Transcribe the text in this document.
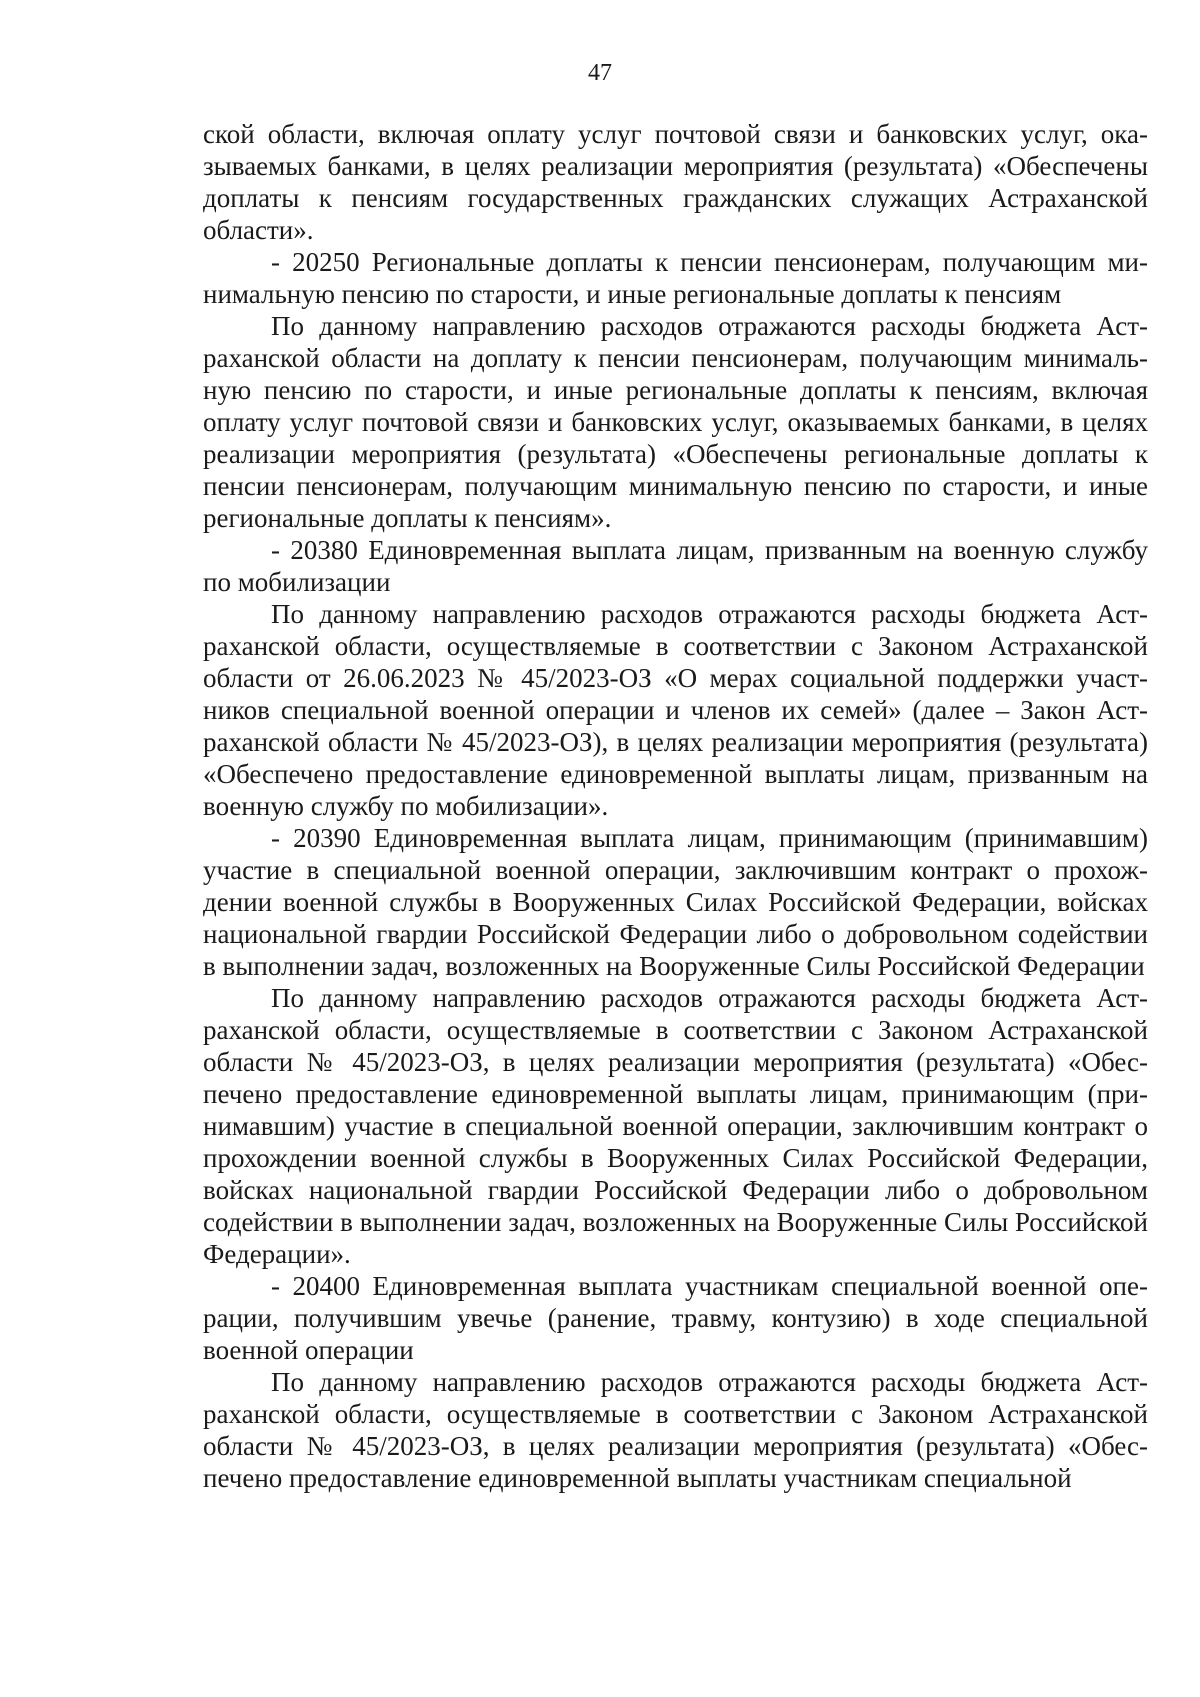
47

ской области, включая оплату услуг почтовой связи и банковских услуг, оказываемых банками, в целях реализации мероприятия (результата) «Обеспечены доплаты к пенсиям государственных гражданских служащих Астраханской области».

- 20250 Региональные доплаты к пенсии пенсионерам, получающим минимальную пенсию по старости, и иные региональные доплаты к пенсиям

По данному направлению расходов отражаются расходы бюджета Астраханской области на доплату к пенсии пенсионерам, получающим минимальную пенсию по старости, и иные региональные доплаты к пенсиям, включая оплату услуг почтовой связи и банковских услуг, оказываемых банками, в целях реализации мероприятия (результата) «Обеспечены региональные доплаты к пенсии пенсионерам, получающим минимальную пенсию по старости, и иные региональные доплаты к пенсиям».

- 20380 Единовременная выплата лицам, призванным на военную службу по мобилизации

По данному направлению расходов отражаются расходы бюджета Астраханской области, осуществляемые в соответствии с Законом Астраханской области от 26.06.2023 № 45/2023-ОЗ «О мерах социальной поддержки участников специальной военной операции и членов их семей» (далее – Закон Астраханской области № 45/2023-ОЗ), в целях реализации мероприятия (результата) «Обеспечено предоставление единовременной выплаты лицам, призванным на военную службу по мобилизации».

- 20390 Единовременная выплата лицам, принимающим (принимавшим) участие в специальной военной операции, заключившим контракт о прохождении военной службы в Вооруженных Силах Российской Федерации, войсках национальной гвардии Российской Федерации либо о добровольном содействии в выполнении задач, возложенных на Вооруженные Силы Российской Федерации

По данному направлению расходов отражаются расходы бюджета Астраханской области, осуществляемые в соответствии с Законом Астраханской области № 45/2023-ОЗ, в целях реализации мероприятия (результата) «Обеспечено предоставление единовременной выплаты лицам, принимающим (принимавшим) участие в специальной военной операции, заключившим контракт о прохождении военной службы в Вооруженных Силах Российской Федерации, войсках национальной гвардии Российской Федерации либо о добровольном содействии в выполнении задач, возложенных на Вооруженные Силы Российской Федерации».

- 20400 Единовременная выплата участникам специальной военной операции, получившим увечье (ранение, травму, контузию) в ходе специальной военной операции

По данному направлению расходов отражаются расходы бюджета Астраханской области, осуществляемые в соответствии с Законом Астраханской области № 45/2023-ОЗ, в целях реализации мероприятия (результата) «Обеспечено предоставление единовременной выплаты участникам специальной
